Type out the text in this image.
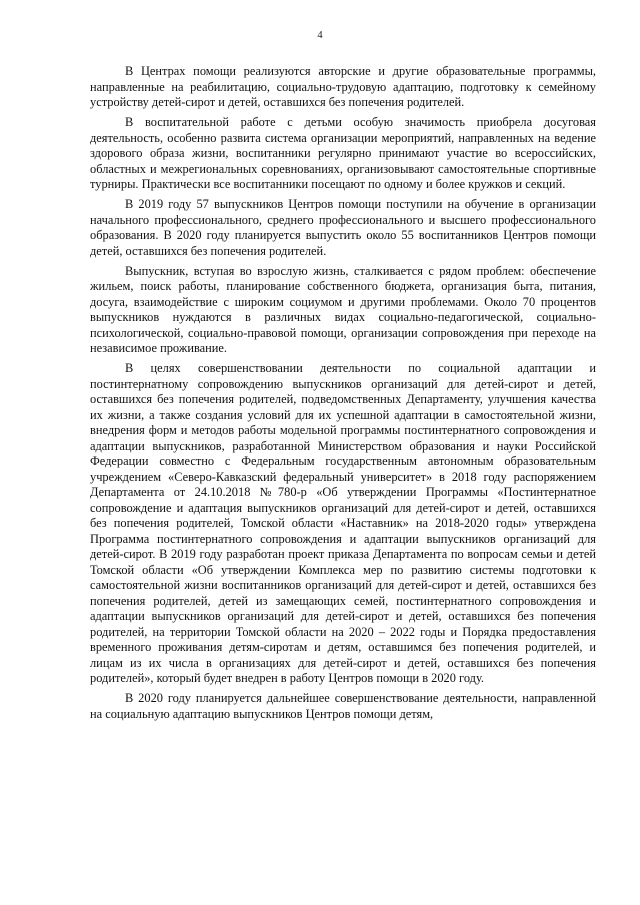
4

В Центрах помощи реализуются авторские и другие образовательные программы, направленные на реабилитацию, социально-трудовую адаптацию, подготовку к семейному устройству детей-сирот и детей, оставшихся без попечения родителей.

В воспитательной работе с детьми особую значимость приобрела досуговая деятельность, особенно развита система организации мероприятий, направленных на ведение здорового образа жизни, воспитанники регулярно принимают участие во всероссийских, областных и межрегиональных соревнованиях, организовывают самостоятельные спортивные турниры. Практически все воспитанники посещают по одному и более кружков и секций.

В 2019 году 57 выпускников Центров помощи поступили на обучение в организации начального профессионального, среднего профессионального и высшего профессионального образования. В 2020 году планируется выпустить около 55 воспитанников Центров помощи детей, оставшихся без попечения родителей.

Выпускник, вступая во взрослую жизнь, сталкивается с рядом проблем: обеспечение жильем, поиск работы, планирование собственного бюджета, организация быта, питания, досуга, взаимодействие с широким социумом и другими проблемами. Около 70 процентов выпускников нуждаются в различных видах социально-педагогической, социально-психологической, социально-правовой помощи, организации сопровождения при переходе на независимое проживание.

В целях совершенствовании деятельности по социальной адаптации и постинтернатному сопровождению выпускников организаций для детей-сирот и детей, оставшихся без попечения родителей, подведомственных Департаменту, улучшения качества их жизни, а также создания условий для их успешной адаптации в самостоятельной жизни, внедрения форм и методов работы модельной программы постинтернатного сопровождения и адаптации выпускников, разработанной Министерством образования и науки Российской Федерации совместно с Федеральным государственным автономным образовательным учреждением «Северо-Кавказский федеральный университет» в 2018 году распоряжением Департамента от 24.10.2018 №780-р «Об утверждении Программы «Постинтернатное сопровождение и адаптация выпускников организаций для детей-сирот и детей, оставшихся без попечения родителей, Томской области «Наставник» на 2018-2020 годы» утверждена Программа постинтернатного сопровождения и адаптации выпускников организаций для детей-сирот. В 2019 году разработан проект приказа Департамента по вопросам семьи и детей Томской области «Об утверждении Комплекса мер по развитию системы подготовки к самостоятельной жизни воспитанников организаций для детей-сирот и детей, оставшихся без попечения родителей, детей из замещающих семей, постинтернатного сопровождения и адаптации выпускников организаций для детей-сирот и детей, оставшихся без попечения родителей, на территории Томской области на 2020 – 2022 годы и Порядка предоставления временного проживания детям-сиротам и детям, оставшимся без попечения родителей, и лицам из их числа в организациях для детей-сирот и детей, оставшихся без попечения родителей», который будет внедрен в работу Центров помощи в 2020 году.

В 2020 году планируется дальнейшее совершенствование деятельности, направленной на социальную адаптацию выпускников Центров помощи детям,
